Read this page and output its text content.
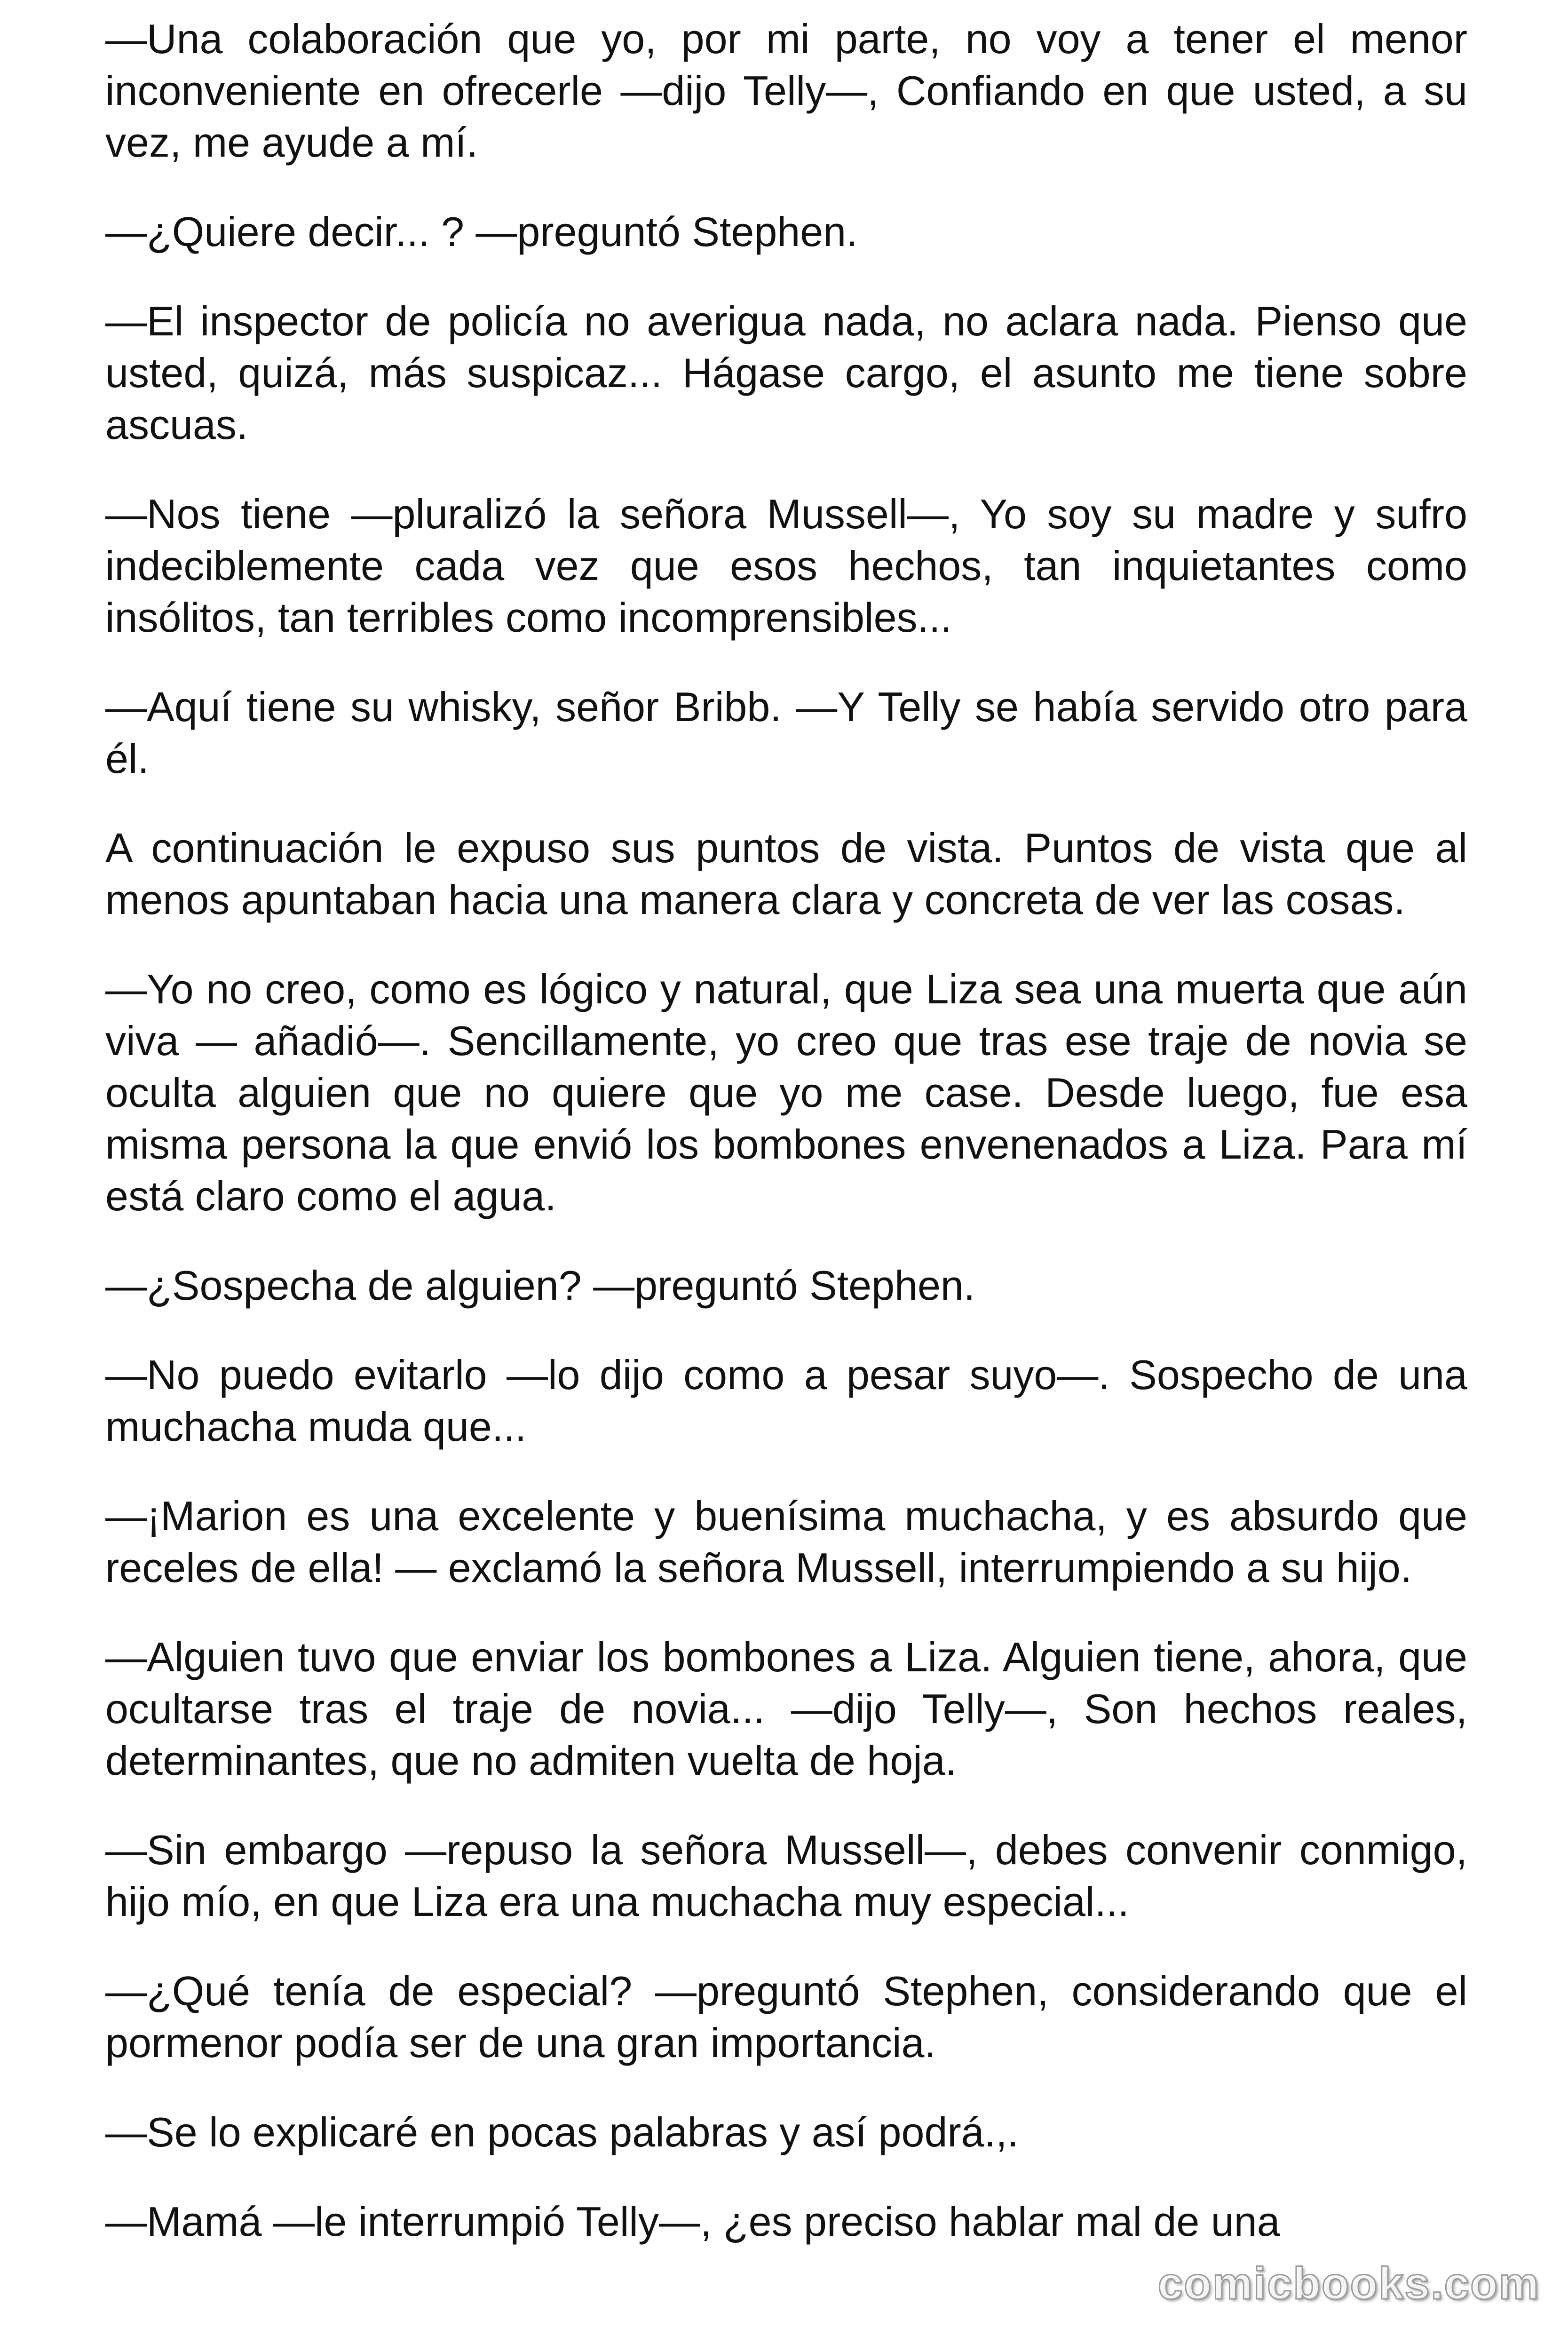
—Una colaboración que yo, por mi parte, no voy a tener el menor inconveniente en ofrecerle —dijo Telly—, Confiando en que usted, a su vez, me ayude a mí.

—¿Quiere decir... ? —preguntó Stephen.

—El inspector de policía no averigua nada, no aclara nada. Pienso que usted, quizá, más suspicaz... Hágase cargo, el asunto me tiene sobre ascuas.

—Nos tiene —pluralizó la señora Mussell—, Yo soy su madre y sufro indeciblemente cada vez que esos hechos, tan inquietantes como insólitos, tan terribles como incomprensibles...

—Aquí tiene su whisky, señor Bribb. —Y Telly se había servido otro para él.

A continuación le expuso sus puntos de vista. Puntos de vista que al menos apuntaban hacia una manera clara y concreta de ver las cosas.

—Yo no creo, como es lógico y natural, que Liza sea una muerta que aún viva — añadió—. Sencillamente, yo creo que tras ese traje de novia se oculta alguien que no quiere que yo me case. Desde luego, fue esa misma persona la que envió los bombones envenenados a Liza. Para mí está claro como el agua.

—¿Sospecha de alguien? —preguntó Stephen.

—No puedo evitarlo —lo dijo como a pesar suyo—. Sospecho de una muchacha muda que...

—¡Marion es una excelente y buenísima muchacha, y es absurdo que receles de ella! — exclamó la señora Mussell, interrumpiendo a su hijo.

—Alguien tuvo que enviar los bombones a Liza. Alguien tiene, ahora, que ocultarse tras el traje de novia... —dijo Telly—, Son hechos reales, determinantes, que no admiten vuelta de hoja.

—Sin embargo —repuso la señora Mussell—, debes convenir conmigo, hijo mío, en que Liza era una muchacha muy especial...

—¿Qué tenía de especial? —preguntó Stephen, considerando que el pormenor podía ser de una gran importancia.

—Se lo explicaré en pocas palabras y así podrá.,.

—Mamá —le interrumpió Telly—, ¿es preciso hablar mal de una

comicbooks.com
